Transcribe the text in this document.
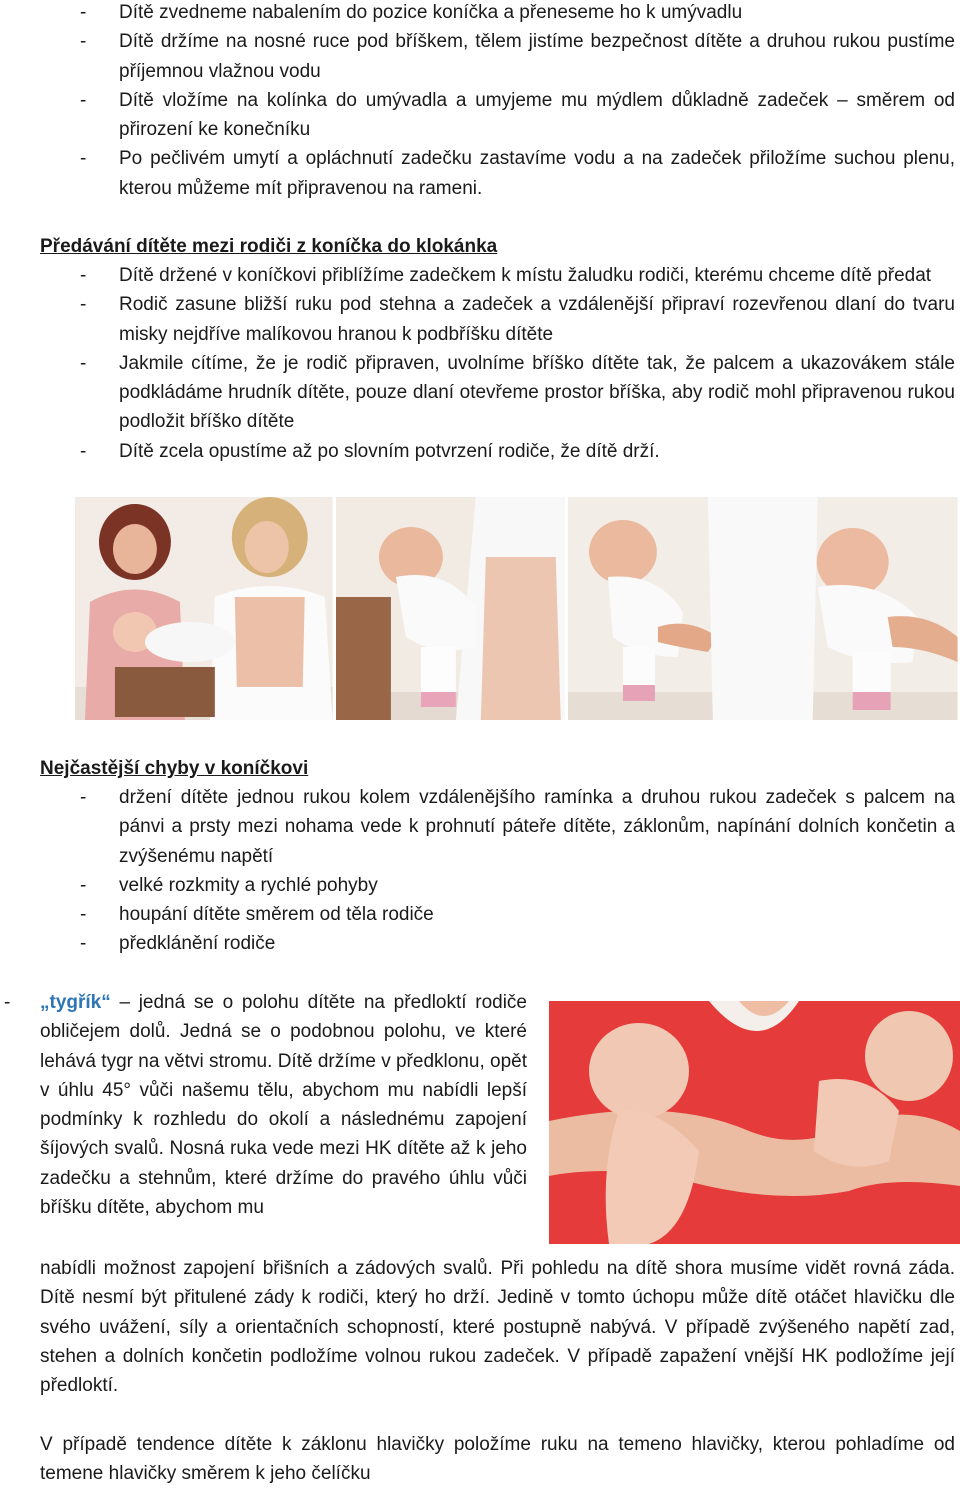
- Dítě zvedneme nabalením do pozice koníčka a přeneseme ho k umývadlu
- Dítě držíme na nosné ruce pod bříškem, tělem jistíme bezpečnost dítěte a druhou rukou pustíme příjemnou vlažnou vodu
- Dítě vložíme na kolínka do umývadla a umyjeme mu mýdlem důkladně zadeček – směrem od přirození ke konečníku
- Po pečlivém umytí a opláchnutí zadečku zastavíme vodu a na zadeček přiložíme suchou plenu, kterou můžeme mít připravenou na rameni.
Předávání dítěte mezi rodiči z koníčka do klokánka
- Dítě držené v koníčkovi přiblížíme zadečkem k místu žaludku rodiči, kterému chceme dítě předat
- Rodič zasune bližší ruku pod stehna a zadeček a vzdálenější připraví rozevřenou dlaní do tvaru misky nejdříve malíkovou hranou k podbříšku dítěte
- Jakmile cítíme, že je rodič připraven, uvolníme bříško dítěte tak, že palcem a ukazovákem stále podkládáme hrudník dítěte, pouze dlaní otevřeme prostor bříška, aby rodič mohl připravenou rukou podložit bříško dítěte
- Dítě zcela opustíme až po slovním potvrzení rodiče, že dítě drží.
Nejčastější chyby v koníčkovi
- držení dítěte jednou rukou kolem vzdálenějšího ramínka a druhou rukou zadeček s palcem na pánvi a prsty mezi nohama vede k prohnutí páteře dítěte, záklonům, napínání dolních končetin a zvýšenému napětí
- velké rozkmity a rychlé pohyby
- houpání dítěte směrem od těla rodiče
- předklánění rodiče
- „tygřík“ – jedná se o polohu dítěte na předloktí rodiče obličejem dolů. Jedná se o podobnou polohu, ve které lehává tygr na větvi stromu. Dítě držíme v předklonu, opět v úhlu 45° vůči našemu tělu, abychom mu nabídli lepší podmínky k rozhledu do okolí a následnému zapojení šíjových svalů. Nosná ruka vede mezi HK dítěte až k jeho zadečku a stehnům, které držíme do pravého úhlu vůči bříšku dítěte, abychom mu

nabídli možnost zapojení břišních a zádových svalů. Při pohledu na dítě shora musíme vidět rovná záda. Dítě nesmí být přitulené zády k rodiči, který ho drží. Jedině v tomto úchopu může dítě otáčet hlavičku dle svého uvážení, síly a orientačních schopností, které postupně nabývá. V případě zvýšeného napětí zad, stehen a dolních končetin podložíme volnou rukou zadeček. V případě zapažení vnější HK podložíme její předloktí.
V případě tendence dítěte k záklonu hlavičky položíme ruku na temeno hlavičky, kterou pohladíme od temene hlavičky směrem k jeho čelíčku
